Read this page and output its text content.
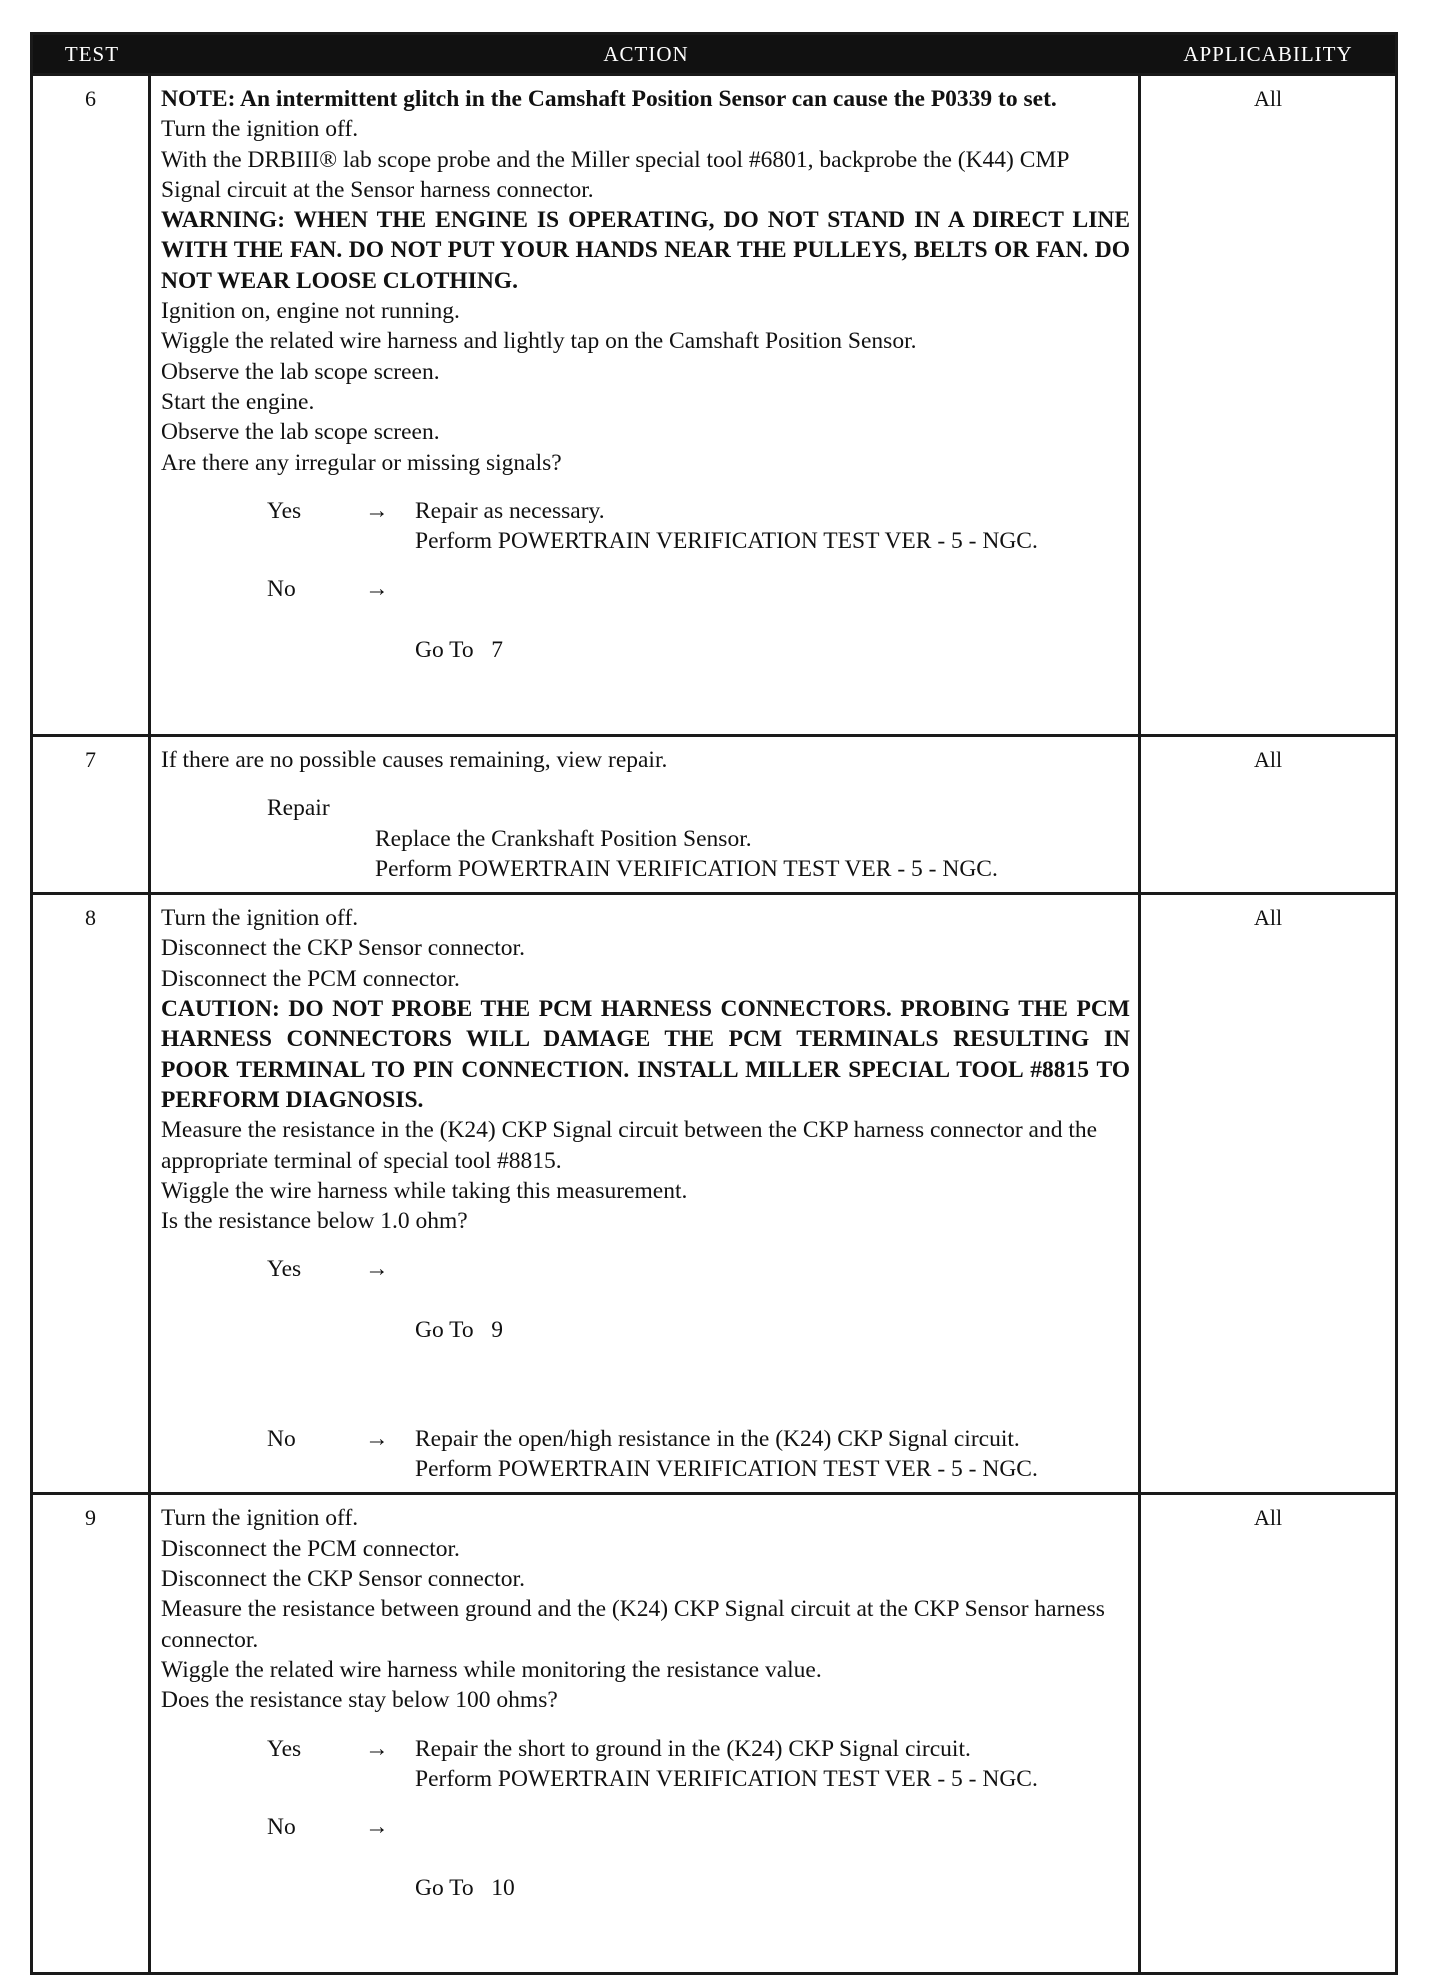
TEST	ACTION	APPLICABILITY
6	NOTE: An intermittent glitch in the Camshaft Position Sensor can cause the P0339 to set.
Turn the ignition off.
With the DRBIII® lab scope probe and the Miller special tool #6801, backprobe the (K44) CMP Signal circuit at the Sensor harness connector.
WARNING: WHEN THE ENGINE IS OPERATING, DO NOT STAND IN A DIRECT LINE WITH THE FAN. DO NOT PUT YOUR HANDS NEAR THE PULLEYS, BELTS OR FAN. DO NOT WEAR LOOSE CLOTHING.
Ignition on, engine not running.
Wiggle the related wire harness and lightly tap on the Camshaft Position Sensor.
Observe the lab scope screen.
Start the engine.
Observe the lab scope screen.
Are there any irregular or missing signals?
Yes	→	Repair as necessary.
Perform POWERTRAIN VERIFICATION TEST VER - 5 - NGC.
No	→

Go To   7

All
7	If there are no possible causes remaining, view repair.
Repair
Replace the Crankshaft Position Sensor.
Perform POWERTRAIN VERIFICATION TEST VER - 5 - NGC.
All
8	Turn the ignition off.
Disconnect the CKP Sensor connector.
Disconnect the PCM connector.
CAUTION: DO NOT PROBE THE PCM HARNESS CONNECTORS. PROBING THE PCM HARNESS CONNECTORS WILL DAMAGE THE PCM TERMINALS RESULTING IN POOR TERMINAL TO PIN CONNECTION. INSTALL MILLER SPECIAL TOOL #8815 TO PERFORM DIAGNOSIS.
Measure the resistance in the (K24) CKP Signal circuit between the CKP harness connector and the appropriate terminal of special tool #8815.
Wiggle the wire harness while taking this measurement.
Is the resistance below 1.0 ohm?
Yes	→

Go To   9

No	→	Repair the open/high resistance in the (K24) CKP Signal circuit.
Perform POWERTRAIN VERIFICATION TEST VER - 5 - NGC.
All
9	Turn the ignition off.
Disconnect the PCM connector.
Disconnect the CKP Sensor connector.
Measure the resistance between ground and the (K24) CKP Signal circuit at the CKP Sensor harness connector.
Wiggle the related wire harness while monitoring the resistance value.
Does the resistance stay below 100 ohms?
Yes	→	Repair the short to ground in the (K24) CKP Signal circuit.
Perform POWERTRAIN VERIFICATION TEST VER - 5 - NGC.
No	→

Go To   10

All
